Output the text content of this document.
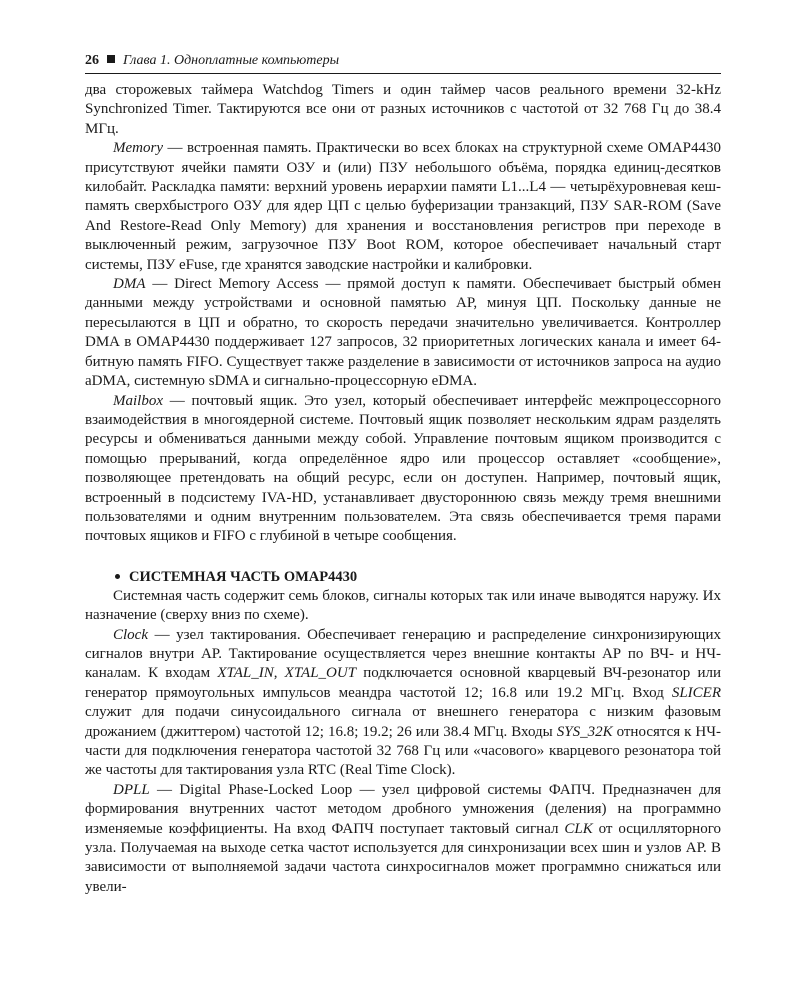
26 Глава 1. Одноплатные компьютеры

два сторожевых таймера Watchdog Timers и один таймер часов реального времени 32-kHz Synchronized Timer. Тактируются все они от разных источников с частотой от 32 768 Гц до 38.4 МГц.

Memory — встроенная память. Практически во всех блоках на структурной схеме OMAP4430 присутствуют ячейки памяти ОЗУ и (или) ПЗУ небольшого объёма, порядка единиц-десятков килобайт. Раскладка памяти: верхний уровень иерархии памяти L1...L4 — четырёхуровневая кеш-память сверхбыстрого ОЗУ для ядер ЦП с целью буферизации транзакций, ПЗУ SAR-ROM (Save And Restore-Read Only Memory) для хранения и восстановления регистров при переходе в выключенный режим, загрузочное ПЗУ Boot ROM, которое обеспечивает начальный старт системы, ПЗУ eFuse, где хранятся заводские настройки и калибровки.

DMA — Direct Memory Access — прямой доступ к памяти. Обеспечивает быстрый обмен данными между устройствами и основной памятью АР, минуя ЦП. Поскольку данные не пересылаются в ЦП и обратно, то скорость передачи значительно увеличивается. Контроллер DMA в OMAP4430 поддерживает 127 запросов, 32 приоритетных логических канала и имеет 64-битную память FIFO. Существует также разделение в зависимости от источников запроса на аудио aDMA, системную sDMA и сигнально-процессорную eDMA.

Mailbox — почтовый ящик. Это узел, который обеспечивает интерфейс межпроцессорного взаимодействия в многоядерной системе. Почтовый ящик позволяет нескольким ядрам разделять ресурсы и обмениваться данными между собой. Управление почтовым ящиком производится с помощью прерываний, когда определённое ядро или процессор оставляет «сообщение», позволяющее претендовать на общий ресурс, если он доступен. Например, почтовый ящик, встроенный в подсистему IVA-HD, устанавливает двустороннюю связь между тремя внешними пользователями и одним внутренним пользователем. Эта связь обеспечивается тремя парами почтовых ящиков и FIFO с глубиной в четыре сообщения.

СИСТЕМНАЯ ЧАСТЬ OMAP4430

Системная часть содержит семь блоков, сигналы которых так или иначе выводятся наружу. Их назначение (сверху вниз по схеме).

Clock — узел тактирования. Обеспечивает генерацию и распределение синхронизирующих сигналов внутри АР. Тактирование осуществляется через внешние контакты АР по ВЧ- и НЧ-каналам. К входам XTAL_IN, XTAL_OUT подключается основной кварцевый ВЧ-резонатор или генератор прямоугольных импульсов меандра частотой 12; 16.8 или 19.2 МГц. Вход SLICER служит для подачи синусоидального сигнала от внешнего генератора с низким фазовым дрожанием (джиттером) частотой 12; 16.8; 19.2; 26 или 38.4 МГц. Входы SYS_32K относятся к НЧ-части для подключения генератора частотой 32 768 Гц или «часового» кварцевого резонатора той же частоты для тактирования узла RTC (Real Time Clock).

DPLL — Digital Phase-Locked Loop — узел цифровой системы ФАПЧ. Предназначен для формирования внутренних частот методом дробного умножения (деления) на программно изменяемые коэффициенты. На вход ФАПЧ поступает тактовый сигнал CLK от осцилляторного узла. Получаемая на выходе сетка частот используется для синхронизации всех шин и узлов АР. В зависимости от выполняемой задачи частота синхросигналов может программно снижаться или увели-
